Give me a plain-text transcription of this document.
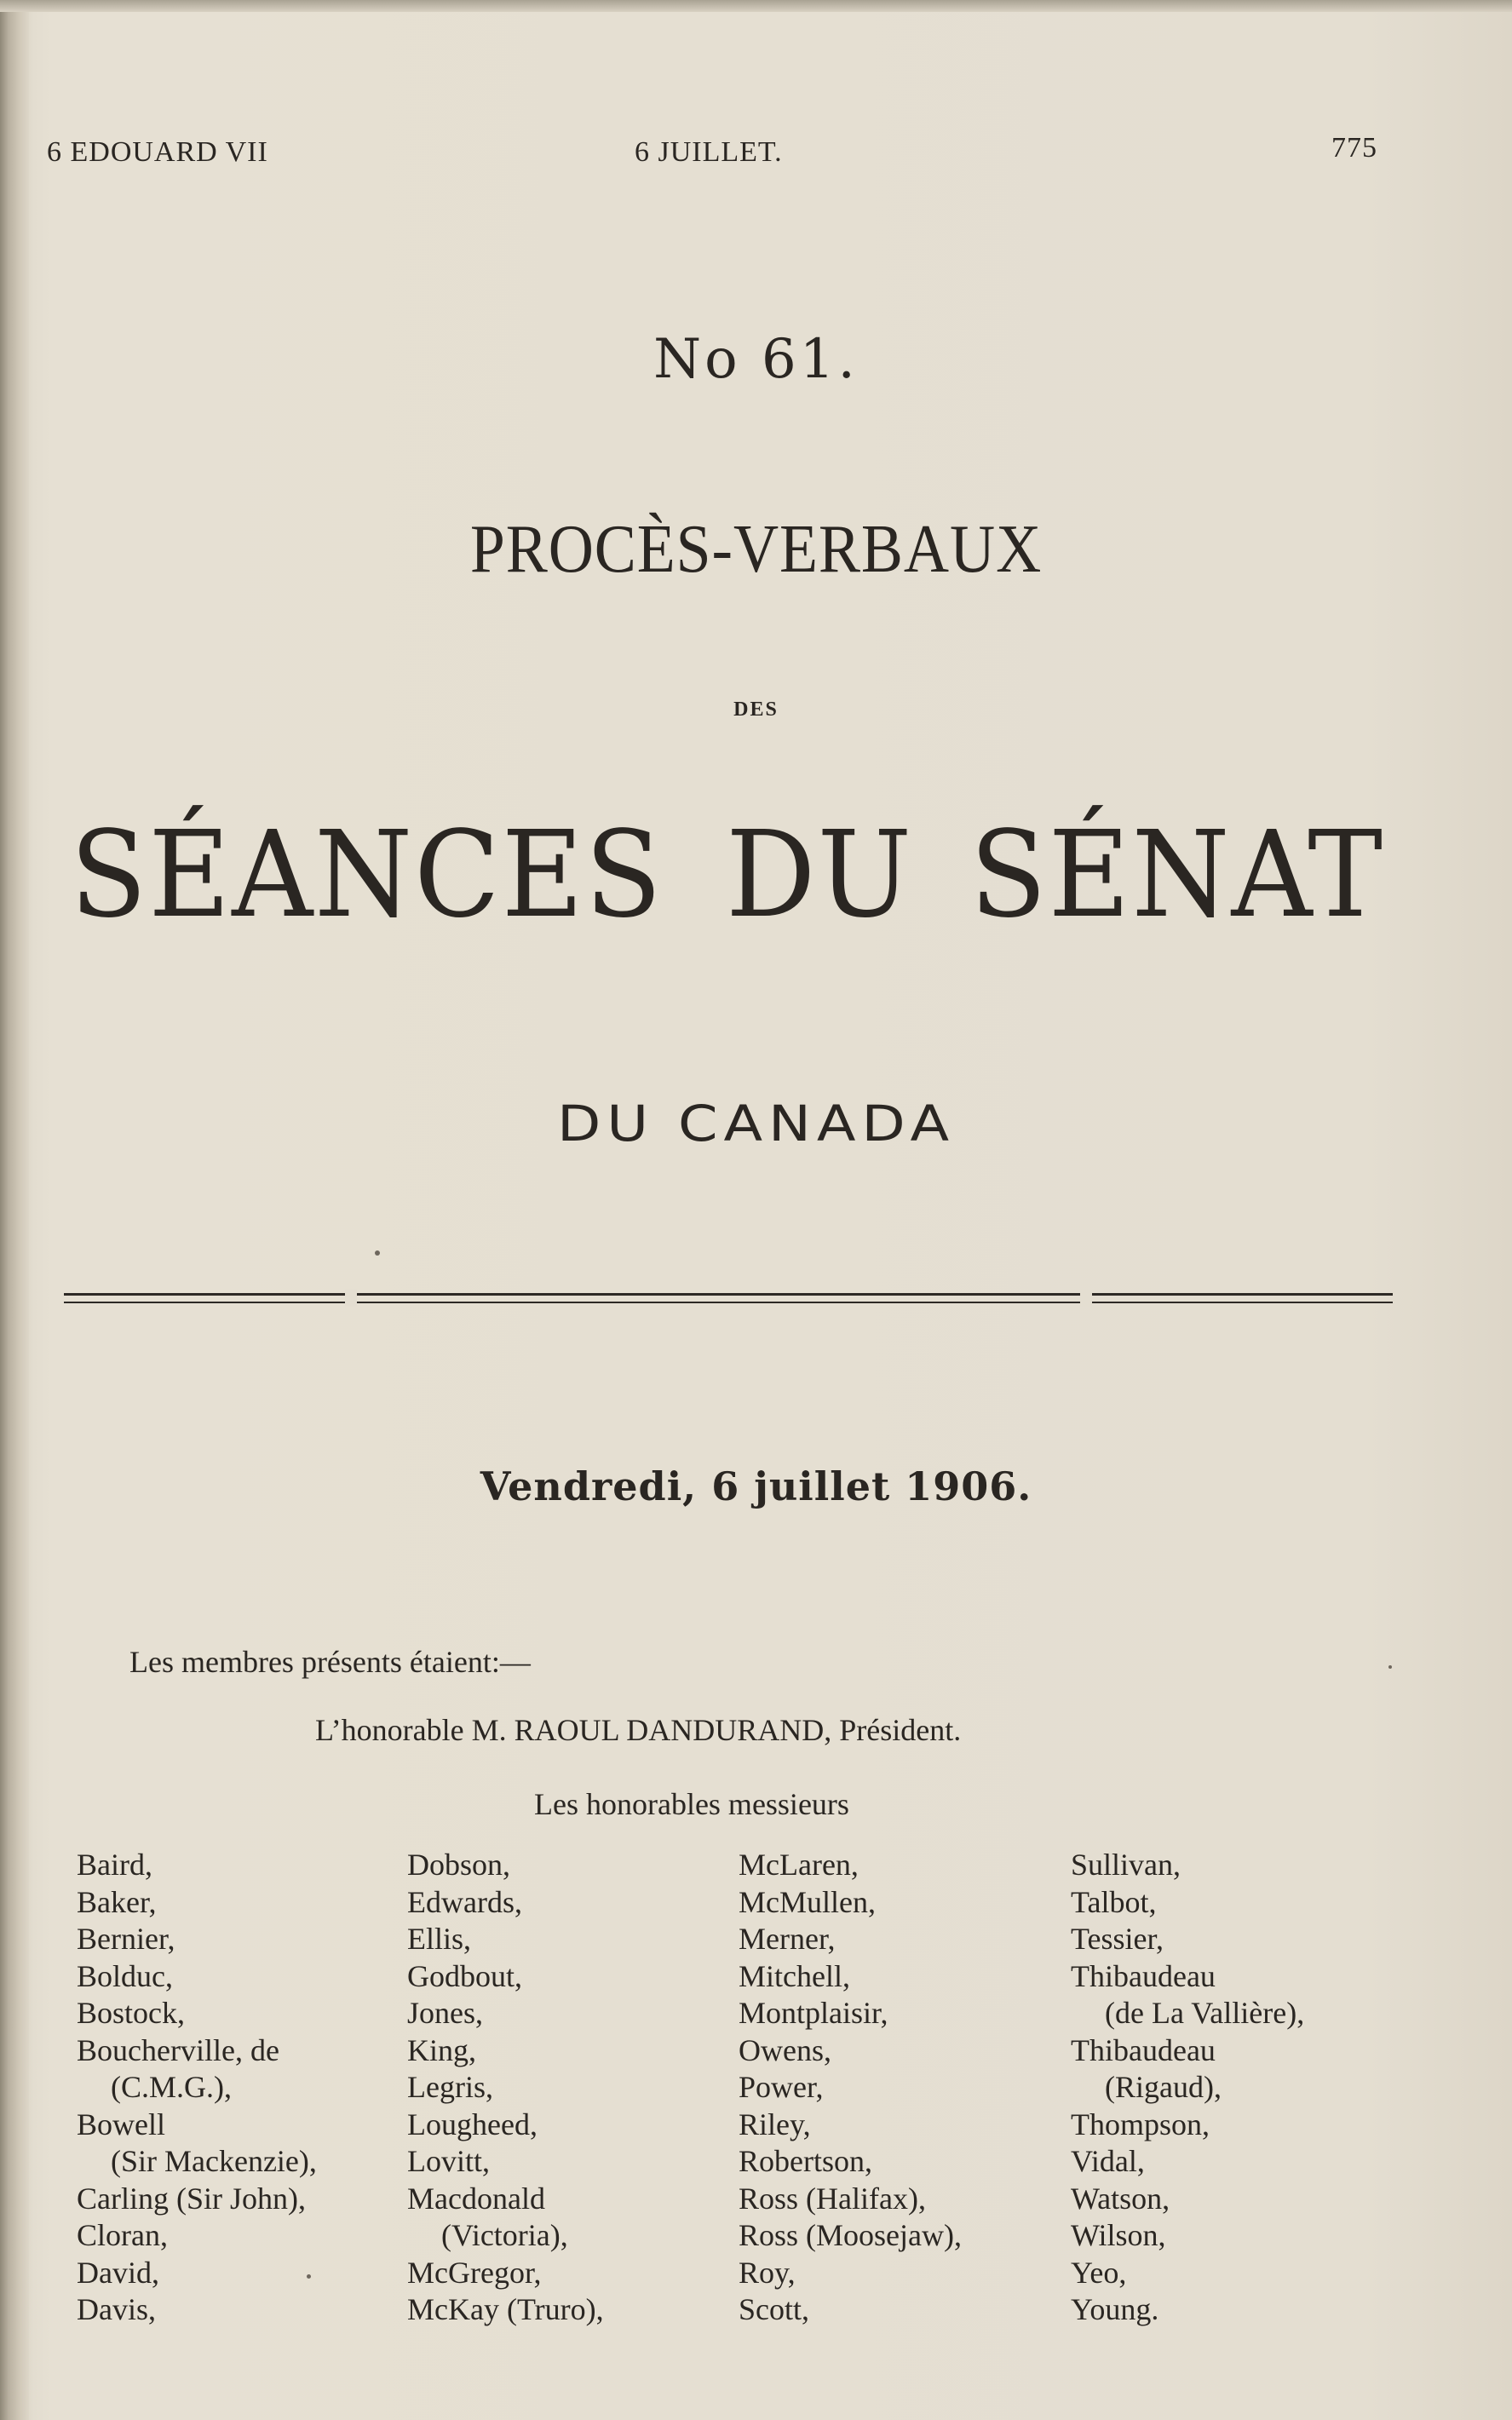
6 EDOUARD VII	6 JUILLET.	775
No 61.
PROCÈS-VERBAUX
DES
SÉANCES DU SÉNAT
DU CANADA
Vendredi, 6 juillet 1906.
Les membres présents étaient:—
L’honorable M. RAOUL DANDURAND, Président.
Les honorables messieurs
Baird,
Baker,
Bernier,
Bolduc,
Bostock,
Boucherville, de
(C.M.G.),
Bowell
(Sir Mackenzie),
Carling (Sir John),
Cloran,
David,
Davis,
Dobson,
Edwards,
Ellis,
Godbout,
Jones,
King,
Legris,
Lougheed,
Lovitt,
Macdonald
(Victoria),
McGregor,
McKay (Truro),
McLaren,
McMullen,
Merner,
Mitchell,
Montplaisir,
Owens,
Power,
Riley,
Robertson,
Ross (Halifax),
Ross (Moosejaw),
Roy,
Scott,
Sullivan,
Talbot,
Tessier,
Thibaudeau
(de La Vallière),
Thibaudeau
(Rigaud),
Thompson,
Vidal,
Watson,
Wilson,
Yeo,
Young.
